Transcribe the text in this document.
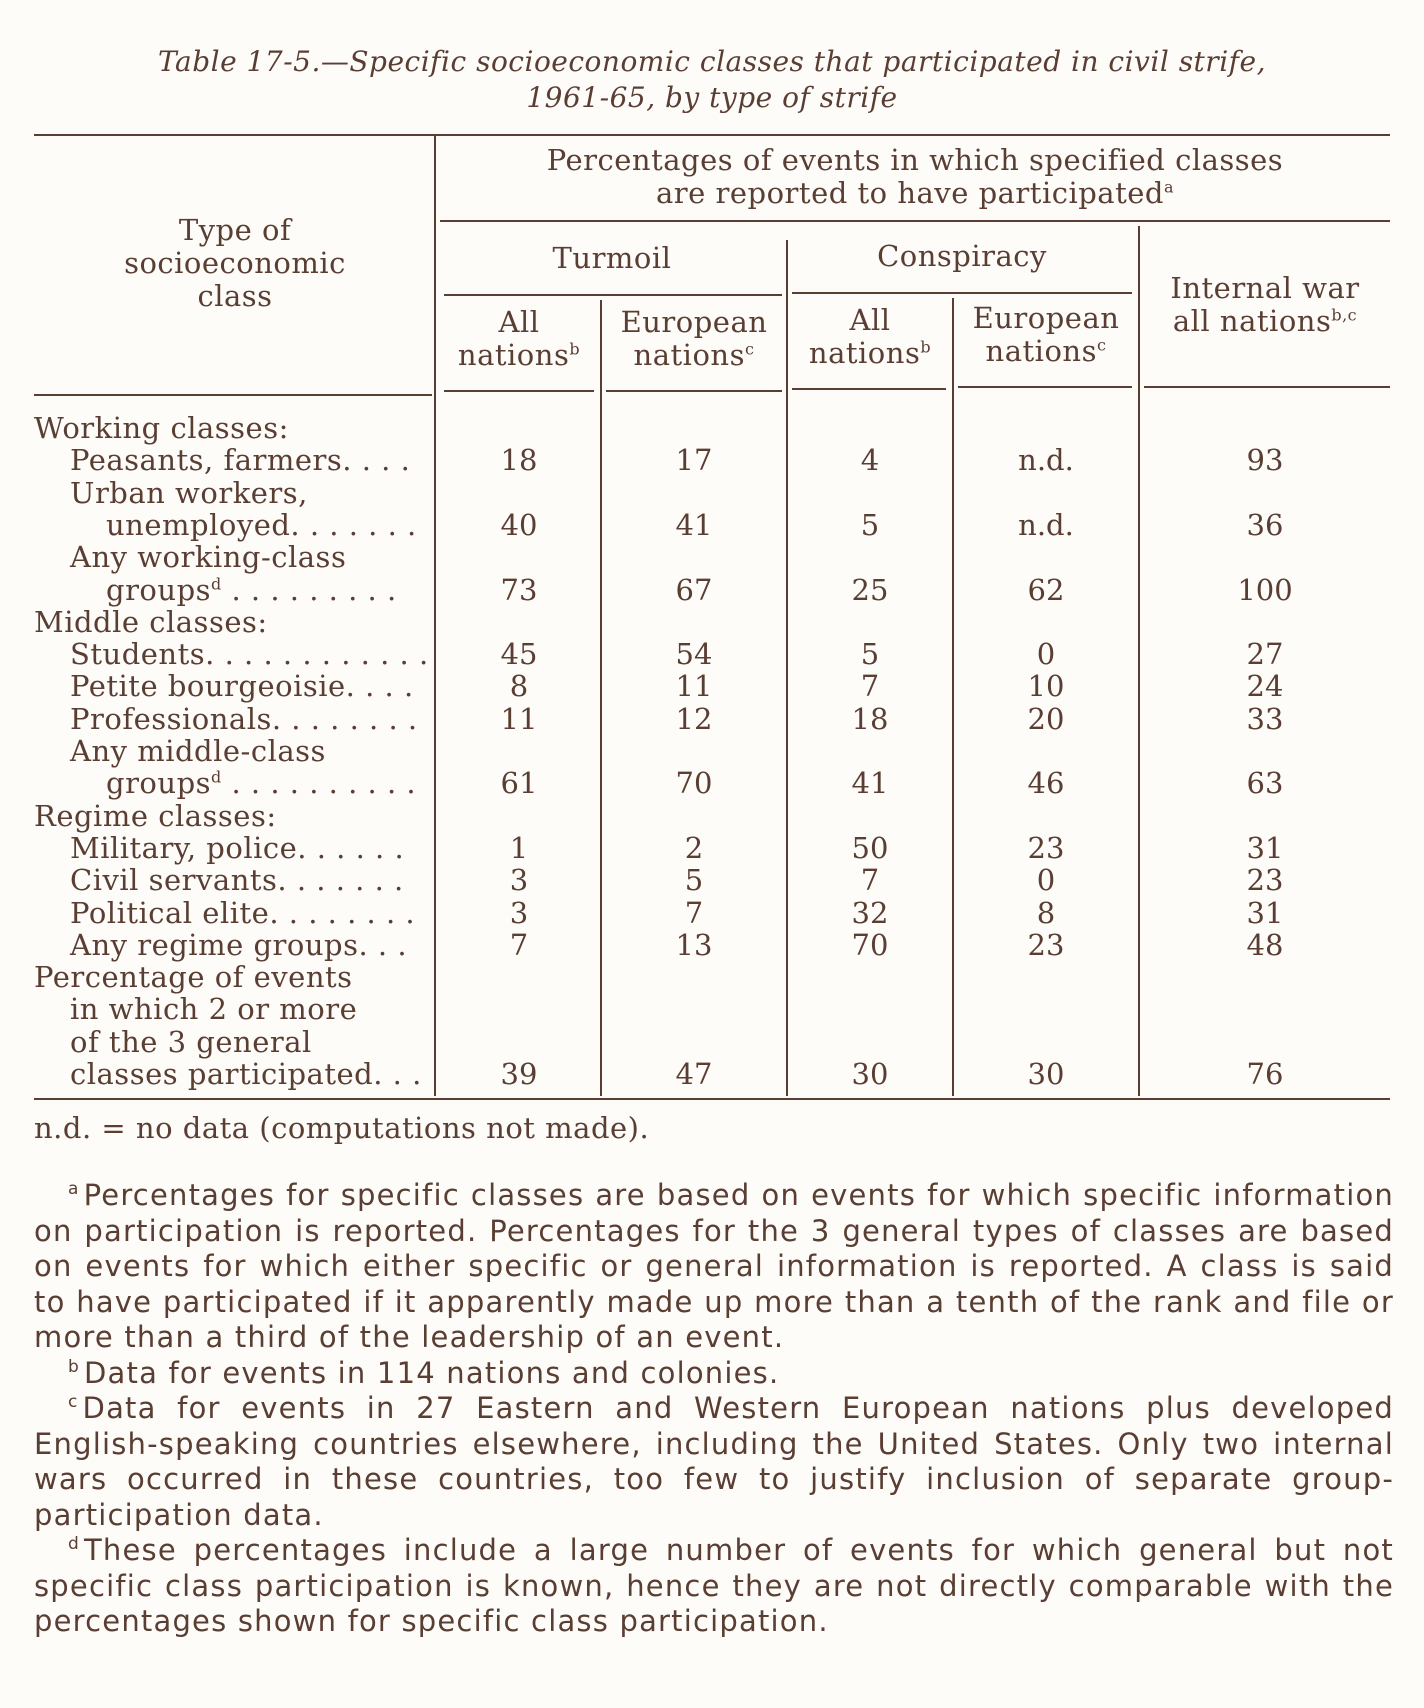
Table 17-5.—Specific socioeconomic classes that participated in civil strife,
1961-65, by type of strife
Type of
socioeconomic
class
Percentages of events in which specified classes
are reported to have participated$^a$
Turmoil	Conspiracy
All
nations$^b$
European
nations$^c$
All
nations$^b$
European
nations$^c$
Internal war
all nations$^{b,c}$
Working classes:
Peasants, farmers. . . .	18	17	4	n.d.	93
Urban workers,
unemployed. . . . . . .	40	41	5	n.d.	36
Any working-class
groups$^d$ . . . . . . . . .	73	67	25	62	100
Middle classes:
Students. . . . . . . . . . . .	45	54	5	0	27
Petite bourgeoisie. . . .	8	11	7	10	24
Professionals. . . . . . . .	11	12	18	20	33
Any middle-class
groups$^d$ . . . . . . . . . .	61	70	41	46	63
Regime classes:
Military, police. . . . . .	1	2	50	23	31
Civil servants. . . . . . .	3	5	7	0	23
Political elite. . . . . . . .	3	7	32	8	31
Any regime groups. . .	7	13	70	23	48
Percentage of events
in which 2 or more
of the 3 general
classes participated. . .	39	47	30	30	76
n.d. = no data (computations not made).

$^a$ Percentages for specific classes are based on events for which specific information on participation is reported. Percentages for the 3 general types of classes are based on events for which either specific or general information is reported. A class is said to have participated if it apparently made up more than a tenth of the rank and file or more than a third of the leadership of an event.

$^b$ Data for events in 114 nations and colonies.

$^c$ Data for events in 27 Eastern and Western European nations plus developed English-speaking countries elsewhere, including the United States. Only two internal wars occurred in these countries, too few to justify inclusion of separate group-participation data.

$^d$ These percentages include a large number of events for which general but not specific class participation is known, hence they are not directly comparable with the percentages shown for specific class participation.
